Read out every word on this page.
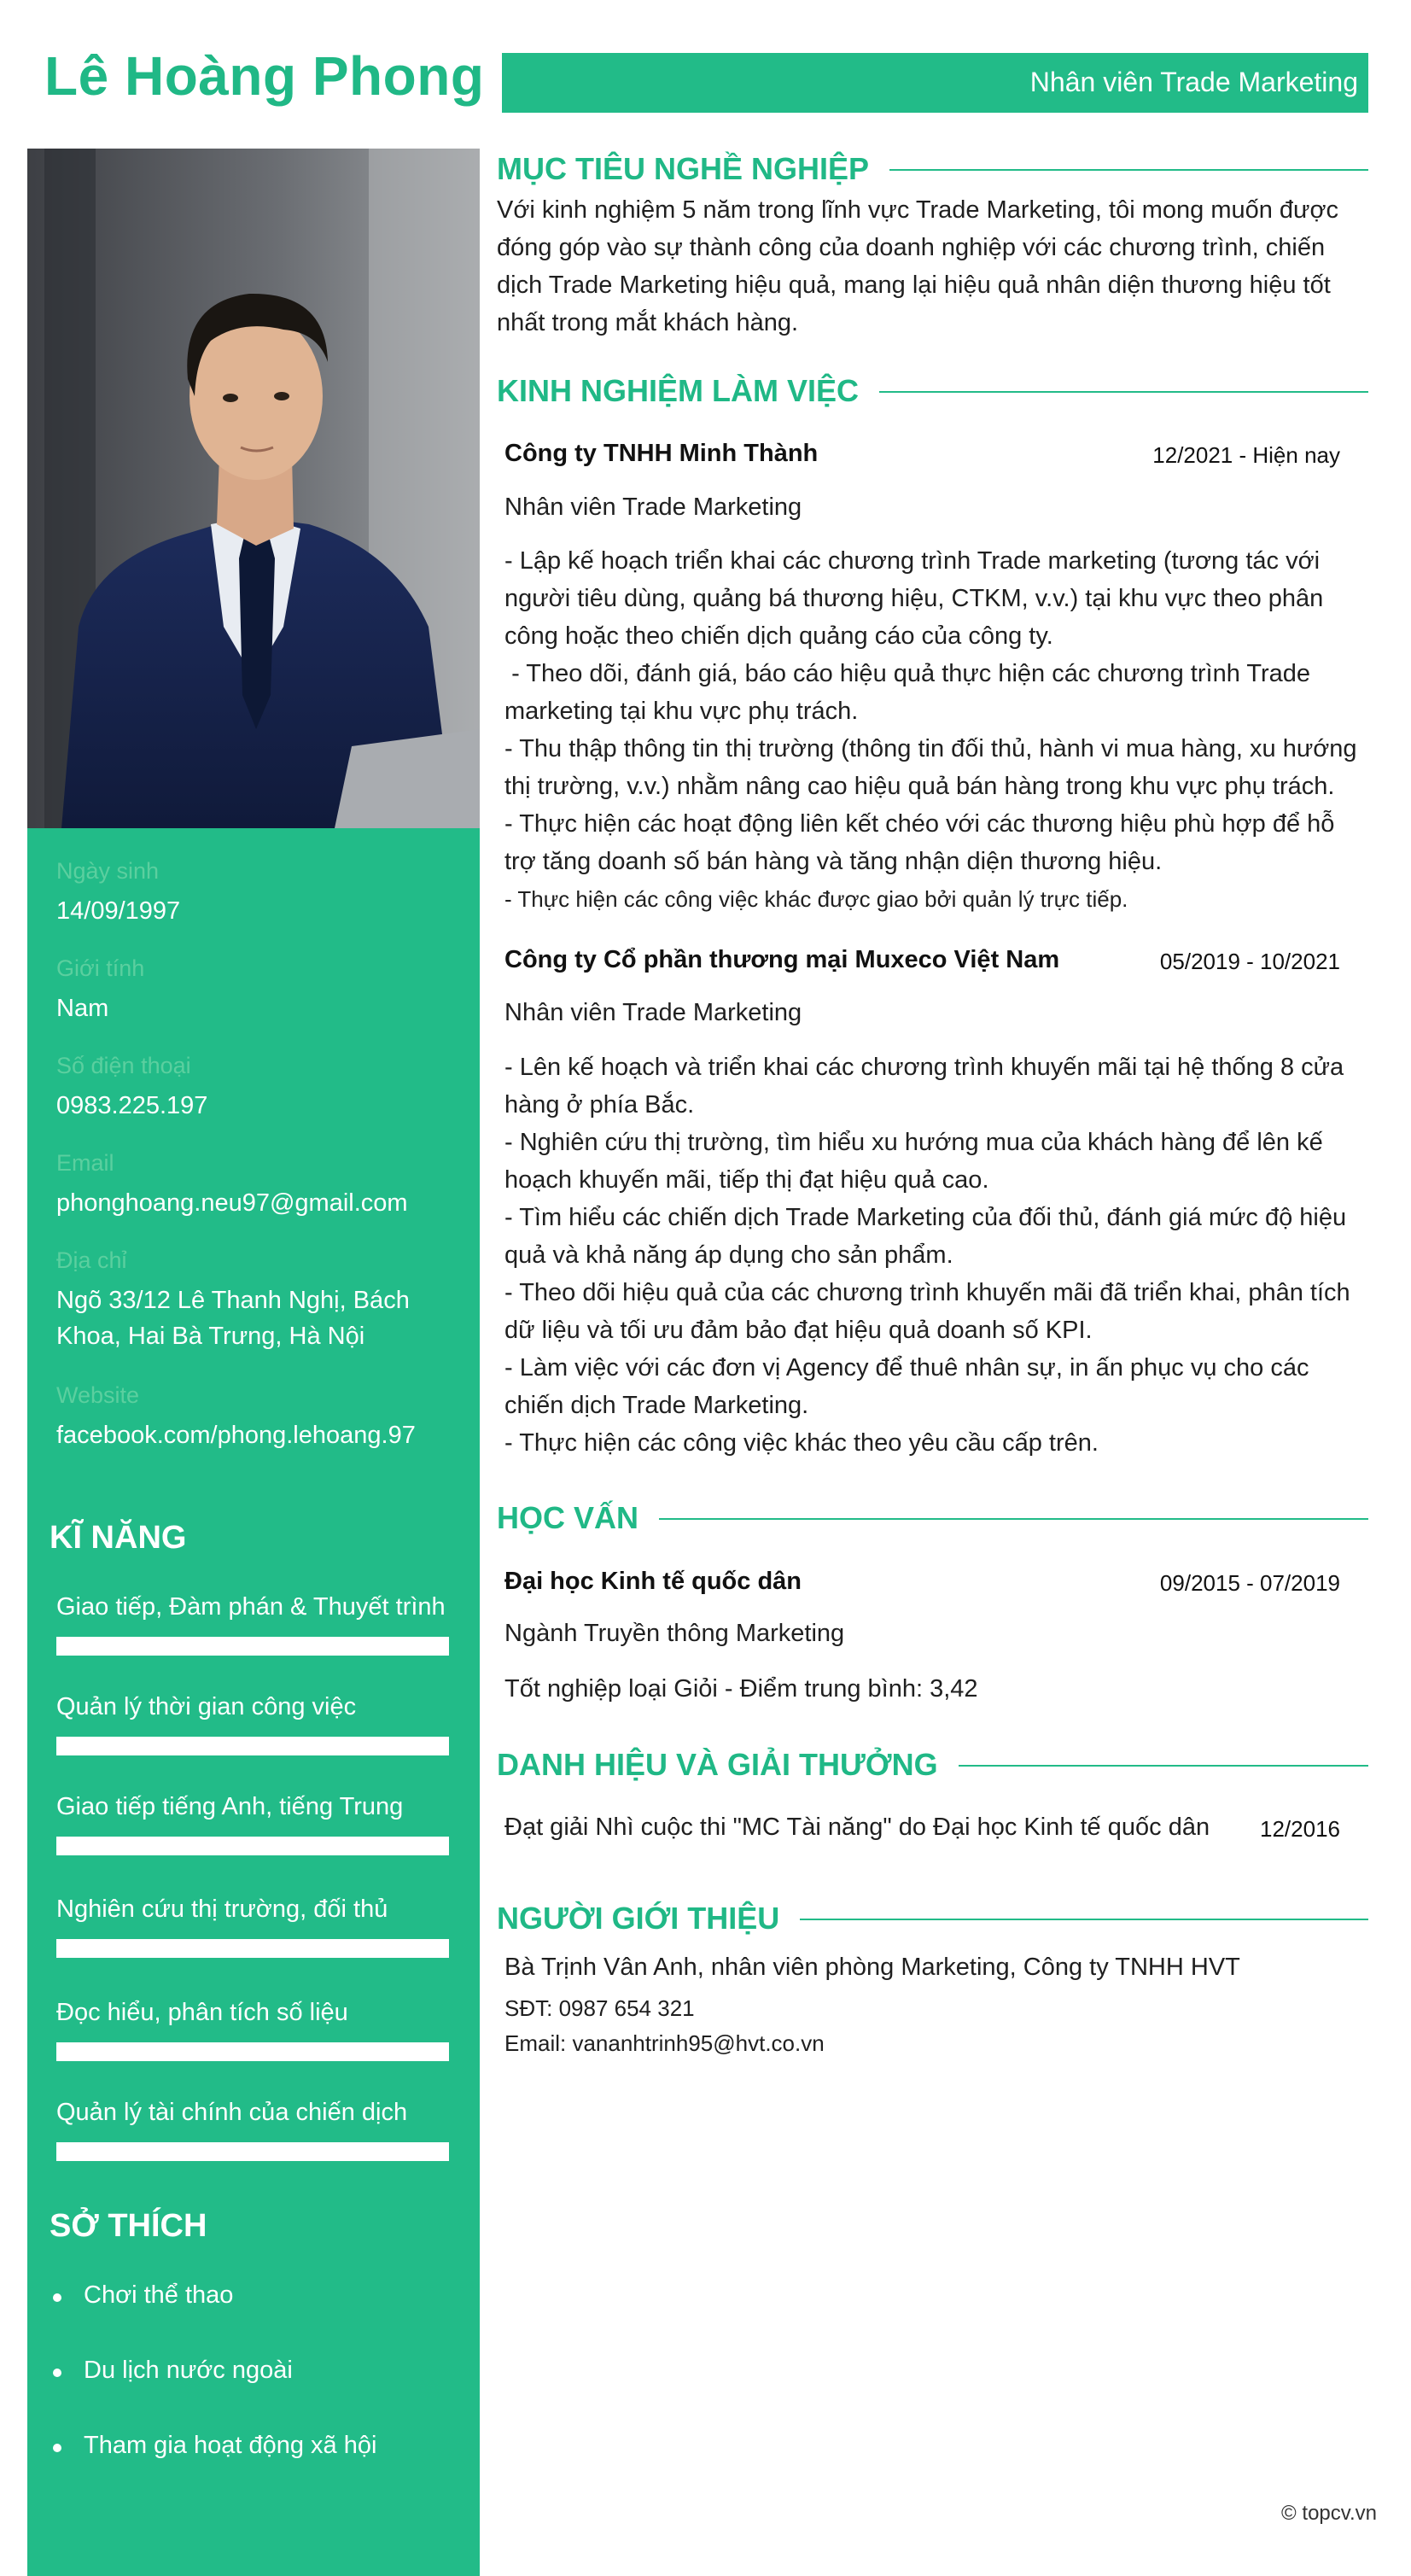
Lê Hoàng Phong	Nhân viên Trade Marketing
Ngày sinh
14/09/1997
Giới tính
Nam
Số điện thoại
0983.225.197
Email
phonghoang.neu97@gmail.com
Địa chỉ
Ngõ 33/12 Lê Thanh Nghị, Bách Khoa, Hai Bà Trưng, Hà Nội
Website
facebook.com/phong.lehoang.97
KĨ NĂNG
Giao tiếp, Đàm phán & Thuyết trình
Quản lý thời gian công việc
Giao tiếp tiếng Anh, tiếng Trung
Nghiên cứu thị trường, đối thủ
Đọc hiểu, phân tích số liệu
Quản lý tài chính của chiến dịch
SỞ THÍCH
Chơi thể thao
Du lịch nước ngoài
Tham gia hoạt động xã hội
MỤC TIÊU NGHỀ NGHIỆP
Với kinh nghiệm 5 năm trong lĩnh vực Trade Marketing, tôi mong muốn được đóng góp vào sự thành công của doanh nghiệp với các chương trình, chiến dịch Trade Marketing hiệu quả, mang lại hiệu quả nhân diện thương hiệu tốt nhất trong mắt khách hàng.
KINH NGHIỆM LÀM VIỆC
Công ty TNHH Minh Thành	12/2021 - Hiện nay
Nhân viên Trade Marketing
- Lập kế hoạch triển khai các chương trình Trade marketing (tương tác với người tiêu dùng, quảng bá thương hiệu, CTKM, v.v.) tại khu vực theo phân công hoặc theo chiến dịch quảng cáo của công ty.
- Theo dõi, đánh giá, báo cáo hiệu quả thực hiện các chương trình Trade marketing tại khu vực phụ trách.
- Thu thập thông tin thị trường (thông tin đối thủ, hành vi mua hàng, xu hướng thị trường, v.v.) nhằm nâng cao hiệu quả bán hàng trong khu vực phụ trách.
- Thực hiện các hoạt động liên kết chéo với các thương hiệu phù hợp để hỗ trợ tăng doanh số bán hàng và tăng nhận diện thương hiệu.
- Thực hiện các công việc khác được giao bởi quản lý trực tiếp.
Công ty Cổ phần thương mại Muxeco Việt Nam	05/2019 - 10/2021
Nhân viên Trade Marketing
- Lên kế hoạch và triển khai các chương trình khuyến mãi tại hệ thống 8 cửa hàng ở phía Bắc.
- Nghiên cứu thị trường, tìm hiểu xu hướng mua của khách hàng để lên kế hoạch khuyến mãi, tiếp thị đạt hiệu quả cao.
- Tìm hiểu các chiến dịch Trade Marketing của đối thủ, đánh giá mức độ hiệu quả và khả năng áp dụng cho sản phẩm.
- Theo dõi hiệu quả của các chương trình khuyến mãi đã triển khai, phân tích dữ liệu và tối ưu đảm bảo đạt hiệu quả doanh số KPI.
- Làm việc với các đơn vị Agency để thuê nhân sự, in ấn phục vụ cho các chiến dịch Trade Marketing.
- Thực hiện các công việc khác theo yêu cầu cấp trên.
HỌC VẤN
Đại học Kinh tế quốc dân	09/2015 - 07/2019
Ngành Truyền thông Marketing
Tốt nghiệp loại Giỏi - Điểm trung bình: 3,42
DANH HIỆU VÀ GIẢI THƯỞNG
Đạt giải Nhì cuộc thi "MC Tài năng" do Đại học Kinh tế quốc dân 12/2016
NGƯỜI GIỚI THIỆU
Bà Trịnh Vân Anh, nhân viên phòng Marketing, Công ty TNHH HVT
SĐT: 0987 654 321
Email: vananhtrinh95@hvt.co.vn
© topcv.vn
